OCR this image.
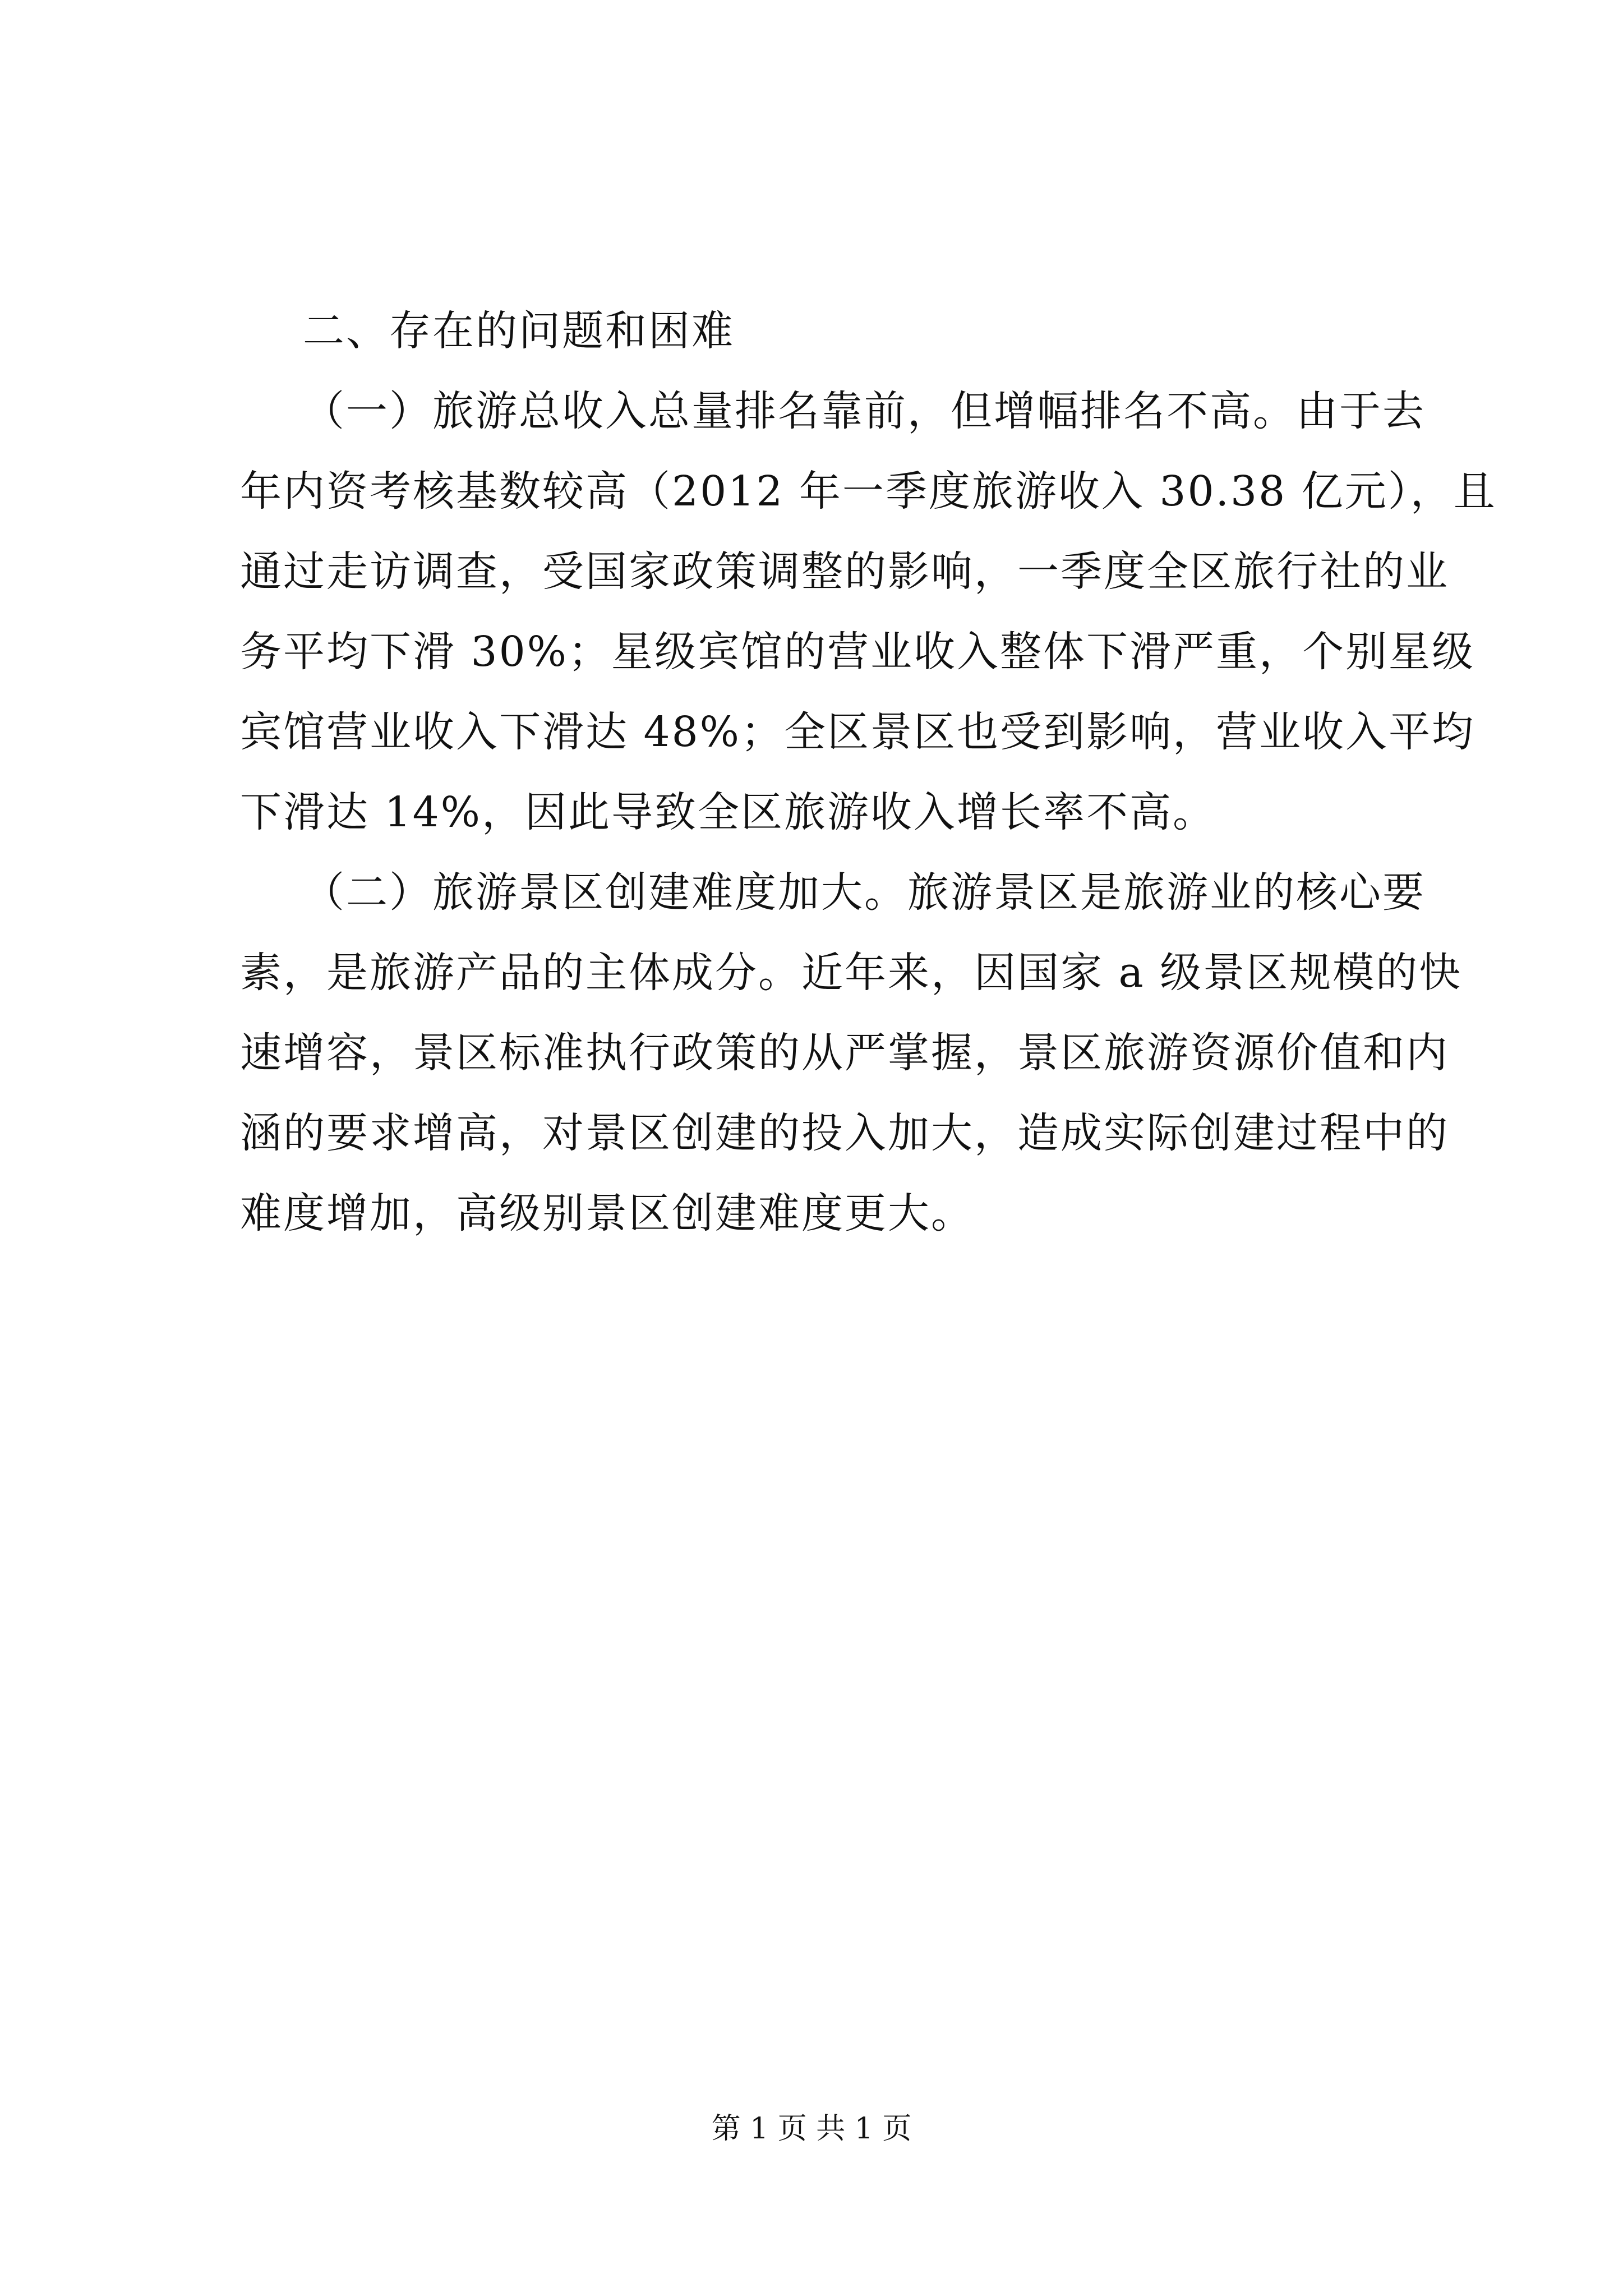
二、存在的问题和困难
（一）旅游总收入总量排名靠前，但增幅排名不高。由于去
年内资考核基数较高（2012 年一季度旅游收入 30.38 亿元），且
通过走访调查，受国家政策调整的影响，一季度全区旅行社的业
务平均下滑 30%；星级宾馆的营业收入整体下滑严重，个别星级
宾馆营业收入下滑达 48%；全区景区也受到影响，营业收入平均
下滑达 14%，因此导致全区旅游收入增长率不高。
（二）旅游景区创建难度加大。旅游景区是旅游业的核心要
素，是旅游产品的主体成分。近年来，因国家 a 级景区规模的快
速增容，景区标准执行政策的从严掌握，景区旅游资源价值和内
涵的要求增高，对景区创建的投入加大，造成实际创建过程中的
难度增加，高级别景区创建难度更大。
第 1 页 共 1 页
